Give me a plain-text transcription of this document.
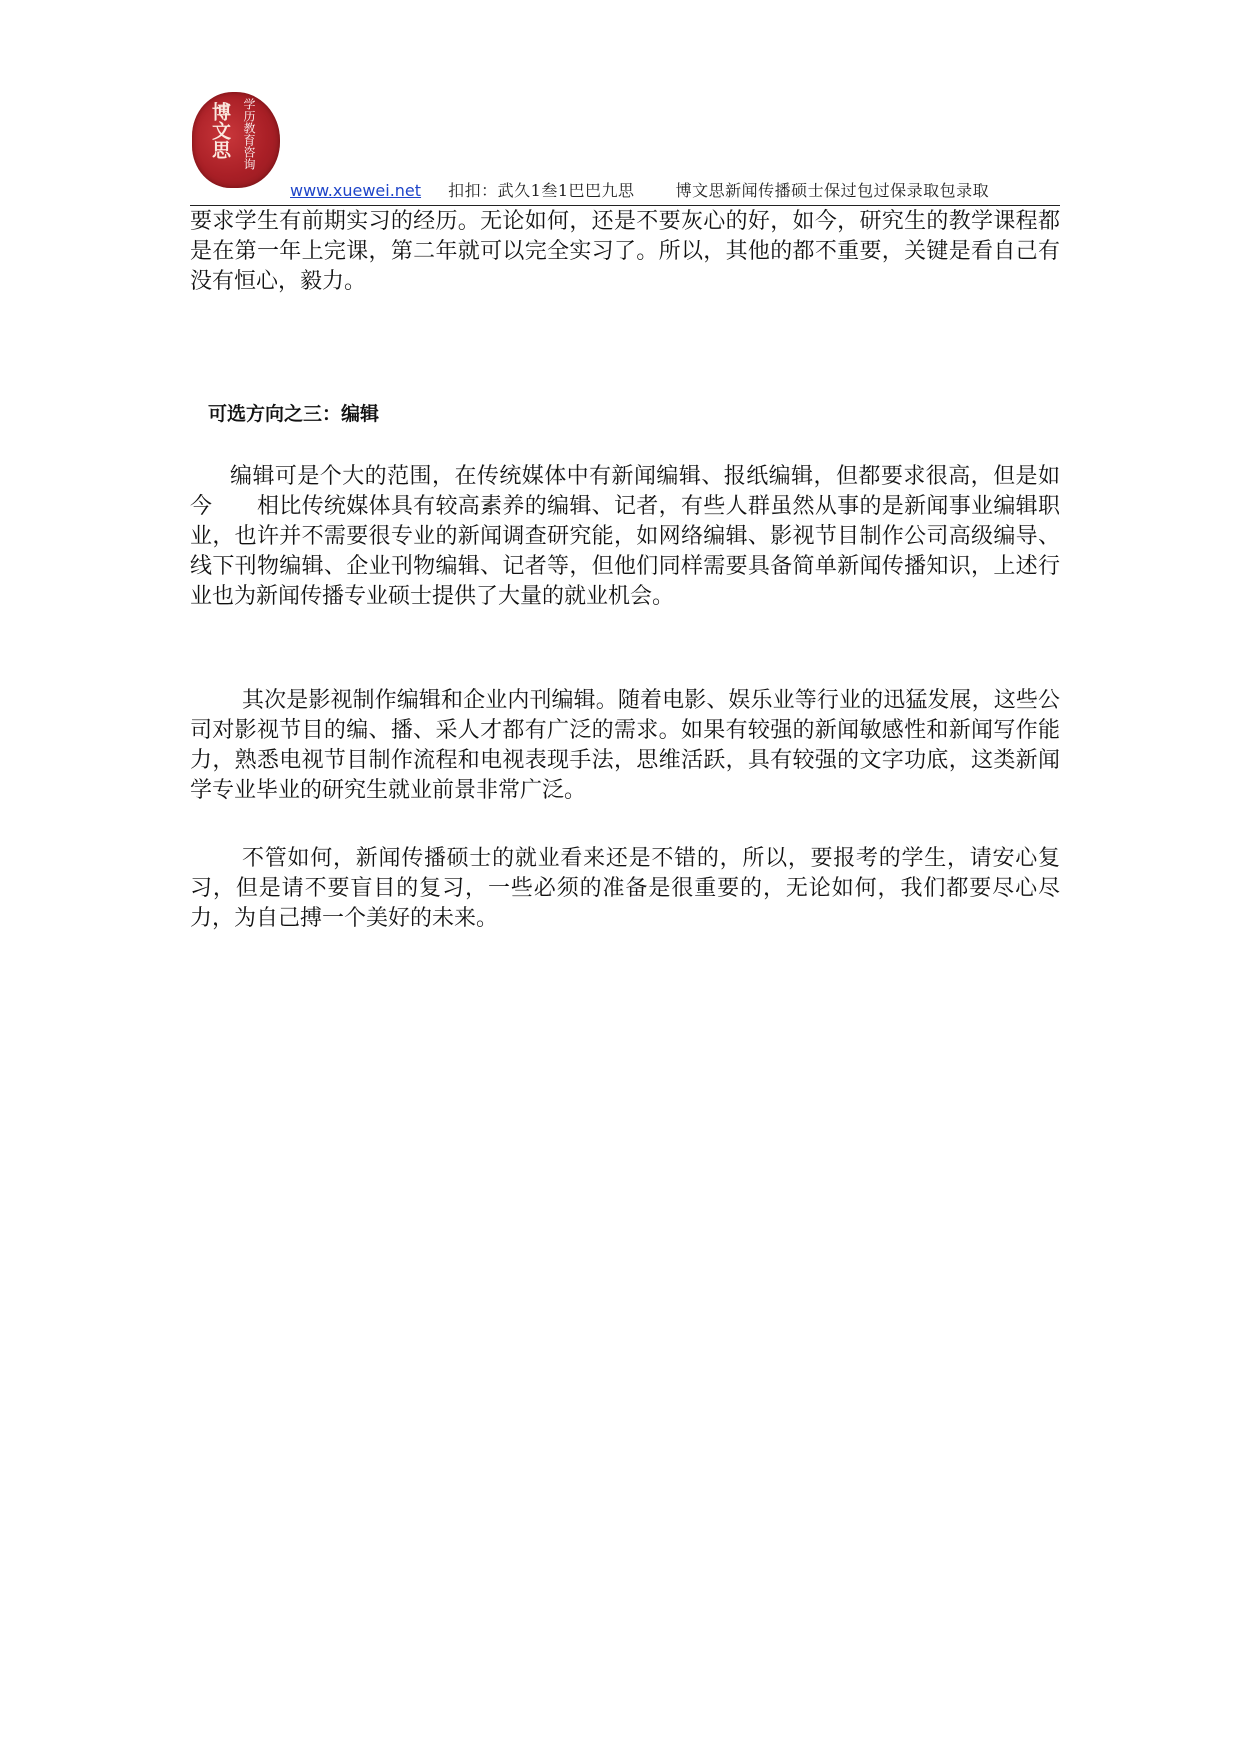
博文思 学历教育咨询
www.xuewei.net 扣扣：武久1叁1巴巴九思	博文思新闻传播硕士保过包过保录取包录取

要求学生有前期实习的经历。无论如何，还是不要灰心的好，如今，研究生的教学课程都是在第一年上完课，第二年就可以完全实习了。所以，其他的都不重要，关键是看自己有没有恒心，毅力。

可选方向之三：编辑

编辑可是个大的范围，在传统媒体中有新闻编辑、报纸编辑，但都要求很高，但是如今　　相比传统媒体具有较高素养的编辑、记者，有些人群虽然从事的是新闻事业编辑职业，也许并不需要很专业的新闻调查研究能，如网络编辑、影视节目制作公司高级编导、线下刊物编辑、企业刊物编辑、记者等，但他们同样需要具备简单新闻传播知识，上述行业也为新闻传播专业硕士提供了大量的就业机会。

其次是影视制作编辑和企业内刊编辑。随着电影、娱乐业等行业的迅猛发展，这些公司对影视节目的编、播、采人才都有广泛的需求。如果有较强的新闻敏感性和新闻写作能力，熟悉电视节目制作流程和电视表现手法，思维活跃，具有较强的文字功底，这类新闻学专业毕业的研究生就业前景非常广泛。

不管如何，新闻传播硕士的就业看来还是不错的，所以，要报考的学生，请安心复习，但是请不要盲目的复习，一些必须的准备是很重要的，无论如何，我们都要尽心尽力，为自己搏一个美好的未来。
